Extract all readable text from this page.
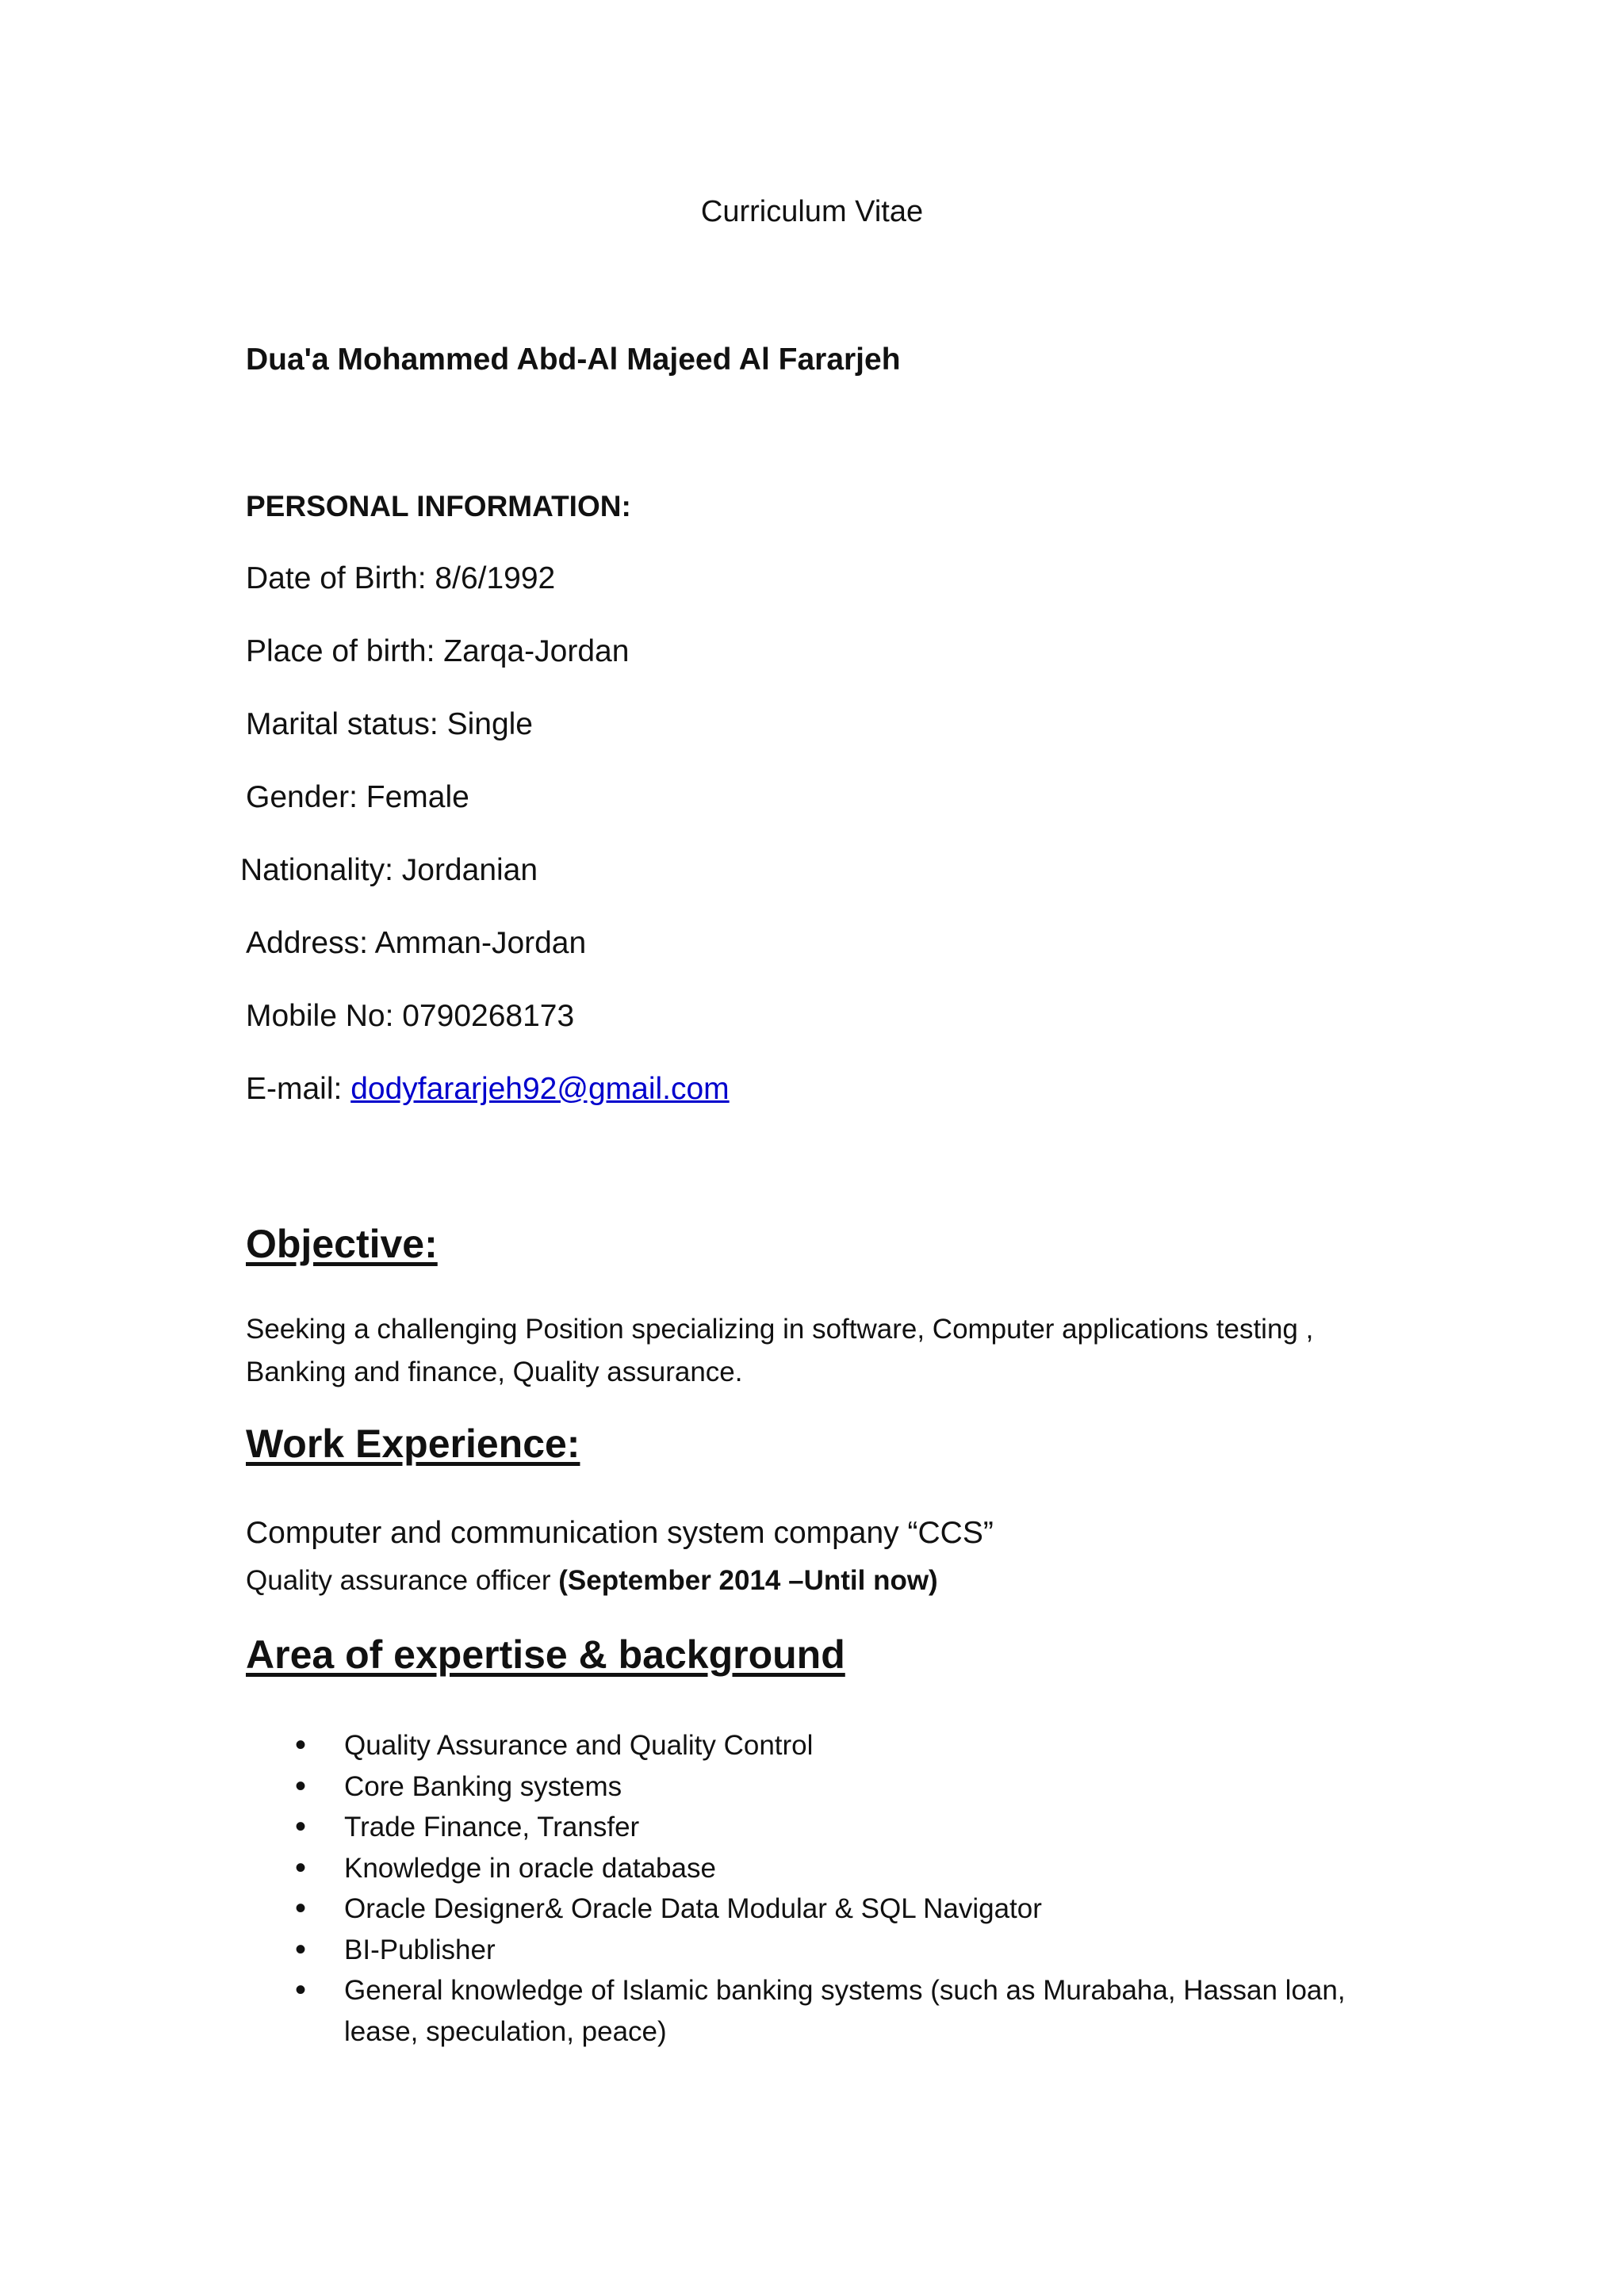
Curriculum Vitae
Dua'a Mohammed Abd-Al Majeed Al Fararjeh
PERSONAL INFORMATION:
Date of Birth: 8/6/1992
Place of birth: Zarqa-Jordan
Marital status: Single
Gender: Female
Nationality: Jordanian
Address: Amman-Jordan
Mobile No: 0790268173
E-mail: dodyfararjeh92@gmail.com
Objective:
Seeking a challenging Position specializing in software, Computer applications testing , Banking and finance, Quality assurance.
Work Experience:
Computer and communication system company “CCS”
Quality assurance officer (September 2014 –Until now)
Area of expertise & background
• Quality Assurance and Quality Control
• Core Banking systems
• Trade Finance, Transfer
• Knowledge in oracle database
• Oracle Designer& Oracle Data Modular & SQL Navigator
• BI-Publisher
• General knowledge of Islamic banking systems (such as Murabaha, Hassan loan, lease, speculation, peace)
